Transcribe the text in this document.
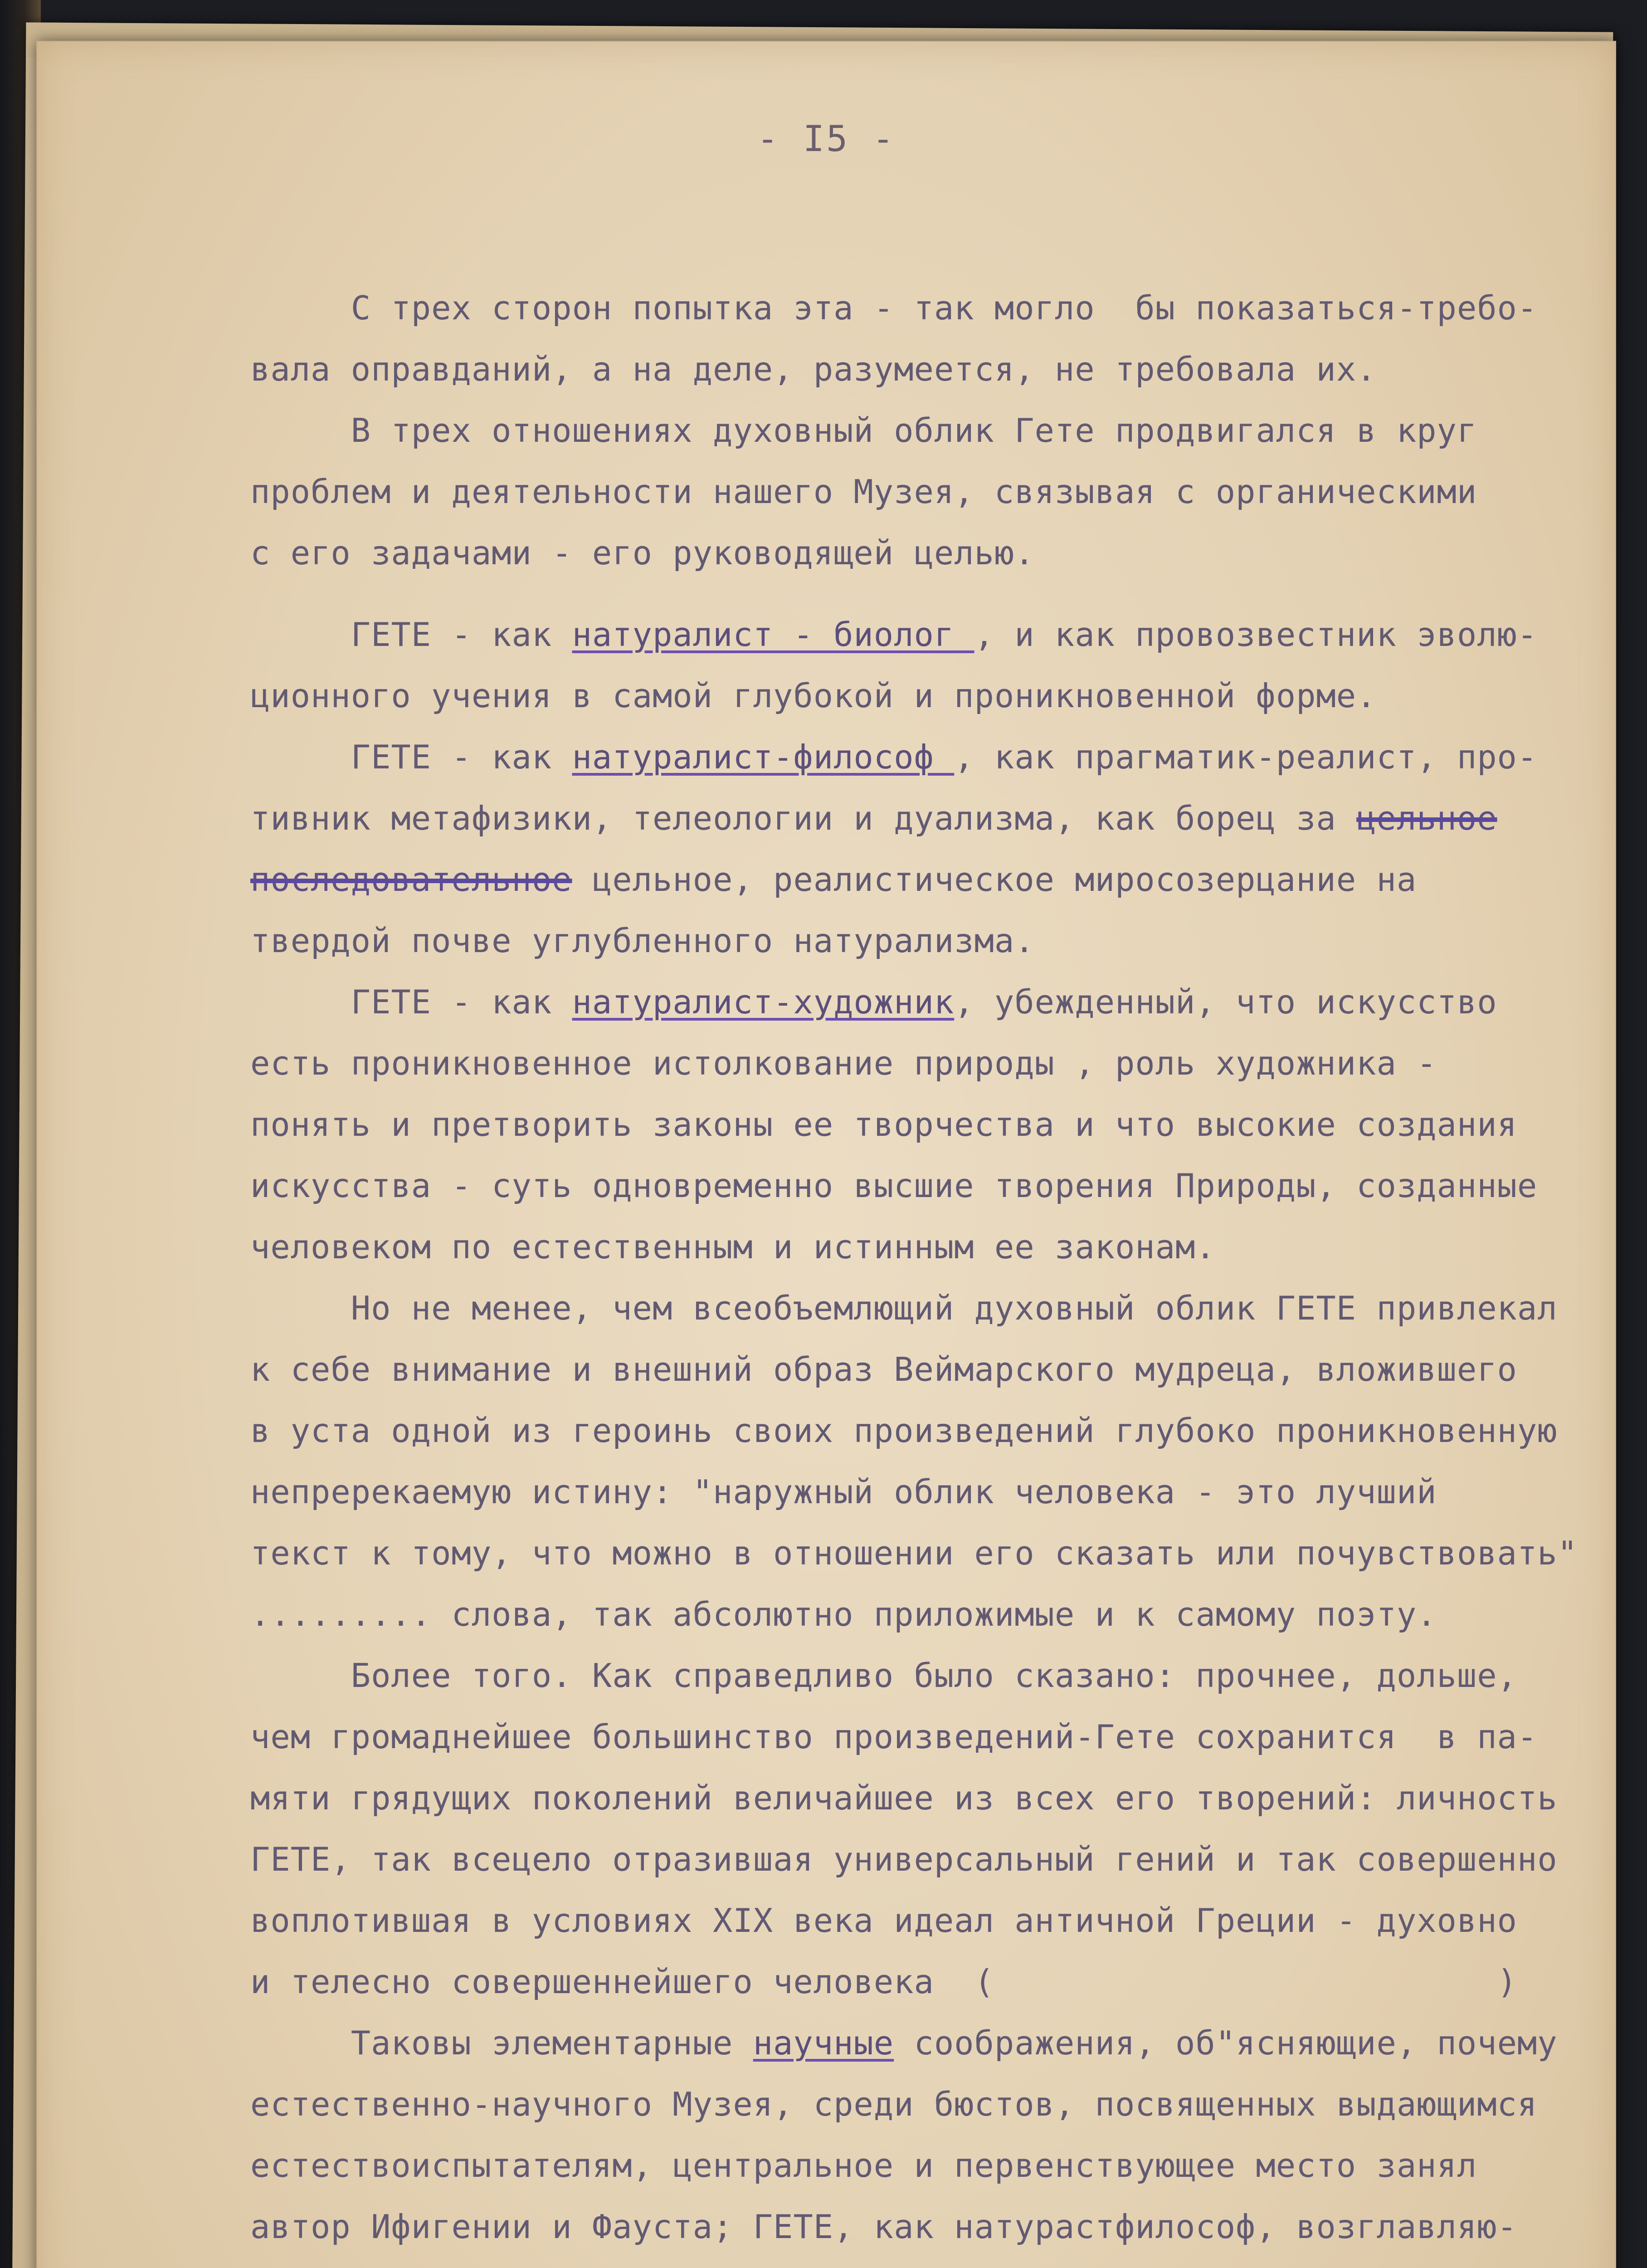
- I5 -
С трех сторон попытка эта - так могло  бы показаться-требо-
вала оправданий, а на деле, разумеется, не требовала их.
В трех отношениях духовный облик Гете продвигался в круг
проблем и деятельности нашего Музея, связывая с органическими
с его задачами - его руководящей целью.
ГЕТЕ - как натуралист - биолог , и как провозвестник эволю-
ционного учения в самой глубокой и проникновенной форме.
ГЕТЕ - как натуралист-философ , как прагматик-реалист, про-
тивник метафизики, телеологии и дуализма, как борец за цельное
последовательное цельное, реалистическое миросозерцание на
твердой почве углубленного натурализма.
ГЕТЕ - как натуралист-художник, убежденный, что искусство
есть проникновенное истолкование природы , роль художника -
понять и претворить законы ее творчества и что высокие создания
искусства - суть одновременно высшие творения Природы, созданные
человеком по естественным и истинным ее законам.
Но не менее, чем всеобъемлющий духовный облик ГЕТЕ привлекал
к себе внимание и внешний образ Веймарского мудреца, вложившего
в уста одной из героинь своих произведений глубоко проникновенную
непререкаемую истину: "наружный облик человека - это лучший
текст к тому, что можно в отношении его сказать или почувствовать"
......... слова, так абсолютно приложимые и к самому поэту.
Более того. Как справедливо было сказано: прочнее, дольше,
чем громаднейшее большинство произведений-Гете сохранится  в па-
мяти грядущих поколений величайшее из всех его творений: личность
ГЕТЕ, так всецело отразившая универсальный гений и так совершенно
воплотившая в условиях XIX века идеал античной Греции - духовно
и телесно совершеннейшего человека  (                         )
Таковы элементарные научные соображения, об"ясняющие, почему
естественно-научного Музея, среди бюстов, посвященных выдающимся
естествоиспытателям, центральное и первенствующее место занял
автор Ифигении и Фауста; ГЕТЕ, как натурастфилософ, возглавляю-
